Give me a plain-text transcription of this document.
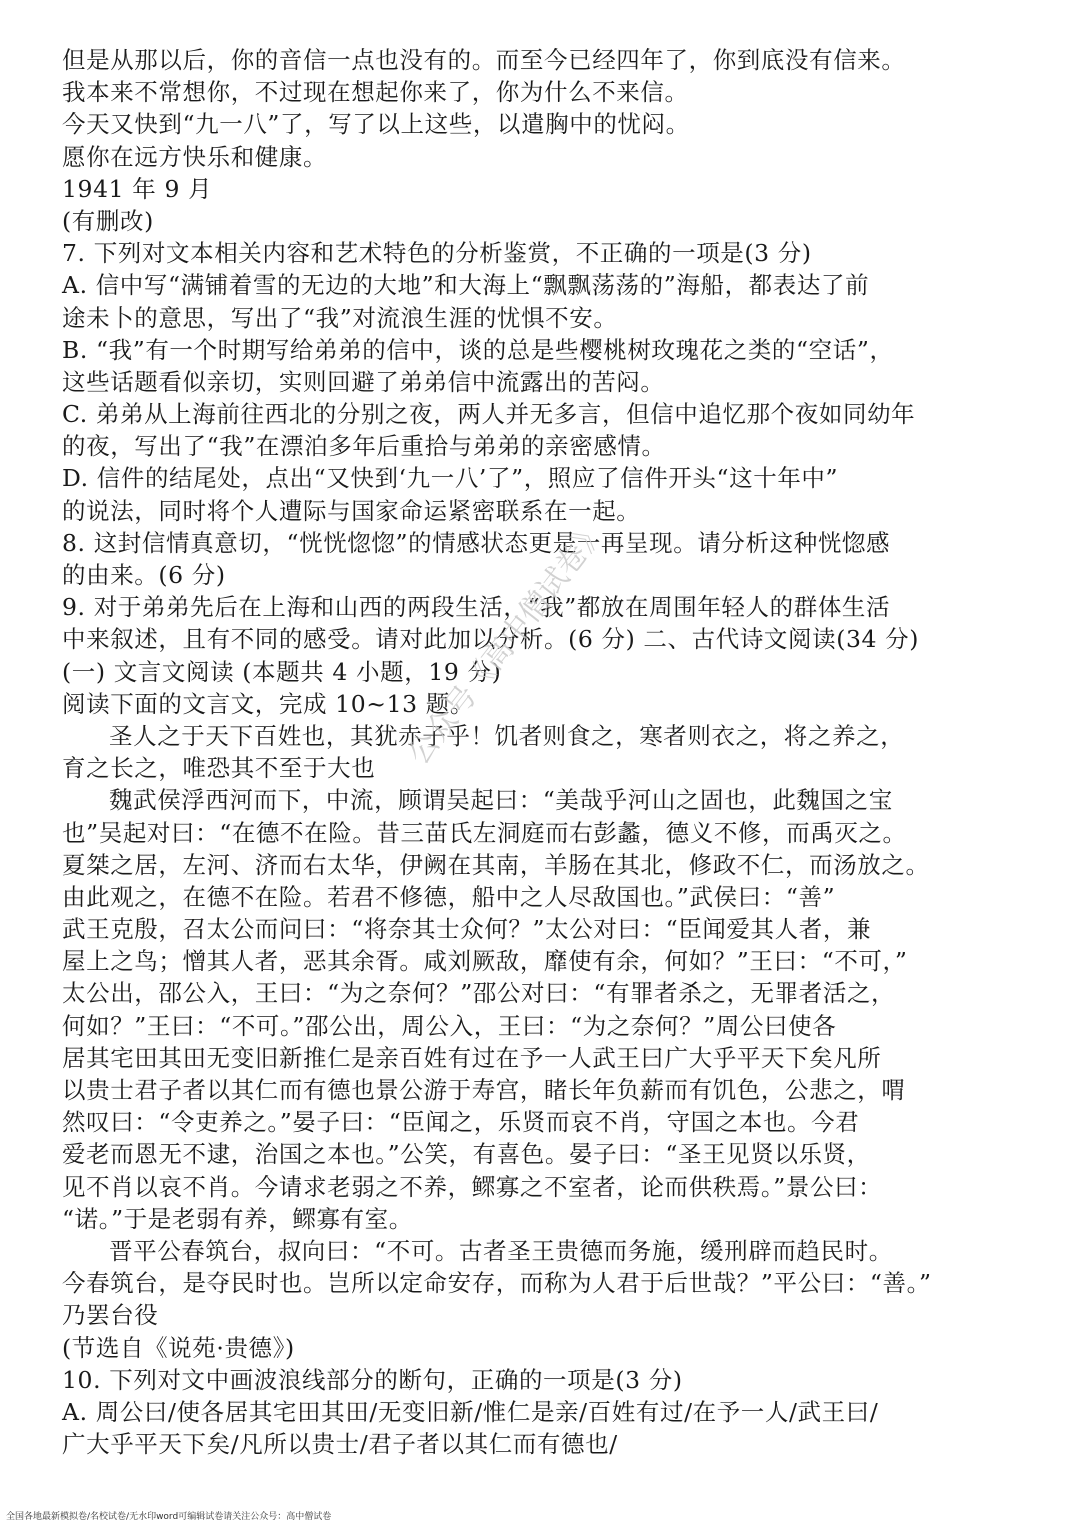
但是从那以后，你的音信一点也没有的。而至今已经四年了，你到底没有信来。
我本来不常想你，不过现在想起你来了，你为什么不来信。
今天又快到“九一八”了，写了以上这些，以遣胸中的忧闷。
愿你在远方快乐和健康。
1941 年 9 月
(有删改)
7. 下列对文本相关内容和艺术特色的分析鉴赏，不正确的一项是(3 分)
A. 信中写“满铺着雪的无边的大地”和大海上“飘飘荡荡的”海船，都表达了前
途未卜的意思，写出了“我”对流浪生涯的忧惧不安。
B. “我”有一个时期写给弟弟的信中，谈的总是些樱桃树玫瑰花之类的“空话”，
这些话题看似亲切，实则回避了弟弟信中流露出的苦闷。
C. 弟弟从上海前往西北的分别之夜，两人并无多言，但信中追忆那个夜如同幼年
的夜，写出了“我”在漂泊多年后重拾与弟弟的亲密感情。
D. 信件的结尾处，点出“又快到‘九一八’了”，照应了信件开头“这十年中”
的说法，同时将个人遭际与国家命运紧密联系在一起。
8. 这封信情真意切，“恍恍惚惚”的情感状态更是一再呈现。请分析这种恍惚感
的由来。(6 分)
9. 对于弟弟先后在上海和山西的两段生活，“我”都放在周围年轻人的群体生活
中来叙述，且有不同的感受。请对此加以分析。(6 分) 二、古代诗文阅读(34 分)
(一) 文言文阅读 (本题共 4 小题，19 分)
阅读下面的文言文，完成 10~13 题。
圣人之于天下百姓也，其犹赤子乎！饥者则食之，寒者则衣之，将之养之，
育之长之，唯恐其不至于大也
魏武侯浮西河而下，中流，顾谓吴起曰：“美哉乎河山之固也，此魏国之宝
也”吴起对曰：“在德不在险。昔三苗氏左洞庭而右彭蠡，德义不修，而禹灭之。
夏桀之居，左河、济而右太华，伊阙在其南，羊肠在其北，修政不仁，而汤放之。
由此观之，在德不在险。若君不修德，船中之人尽敌国也。”武侯曰：“善”
武王克殷，召太公而问曰：“将奈其士众何？”太公对曰：“臣闻爱其人者，兼
屋上之鸟；憎其人者，恶其余胥。咸刘厥敌，靡使有余，何如？”王曰：“不可，”
太公出，邵公入，王曰：“为之奈何？”邵公对曰：“有罪者杀之，无罪者活之，
何如？”王曰：“不可。”邵公出，周公入，王曰：“为之奈何？”周公曰使各
居其宅田其田无变旧新推仁是亲百姓有过在予一人武王曰广大乎平天下矣凡所
以贵士君子者以其仁而有德也景公游于寿宫，睹长年负薪而有饥色，公悲之，喟
然叹曰：“令吏养之。”晏子曰：“臣闻之，乐贤而哀不肖，守国之本也。今君
爱老而恩无不逮，治国之本也。”公笑，有喜色。晏子曰：“圣王见贤以乐贤，
见不肖以哀不肖。今请求老弱之不养，鳏寡之不室者，论而供秩焉。”景公曰：
“诺。”于是老弱有养，鳏寡有室。
晋平公春筑台，叔向曰：“不可。古者圣王贵德而务施，缓刑辟而趋民时。
今春筑台，是夺民时也。岂所以定命安存，而称为人君于后世哉？”平公曰：“善。”
乃罢台役
(节选自《说苑·贵德》)
10. 下列对文中画波浪线部分的断句，正确的一项是(3 分)
A. 周公曰/使各居其宅田其田/无变旧新/惟仁是亲/百姓有过/在予一人/武王曰/
广大乎平天下矣/凡所以贵士/君子者以其仁而有德也/
公众号《高中僧试卷》
全国各地最新模拟卷/名校试卷/无水印word可编辑试卷请关注公众号：高中僧试卷
